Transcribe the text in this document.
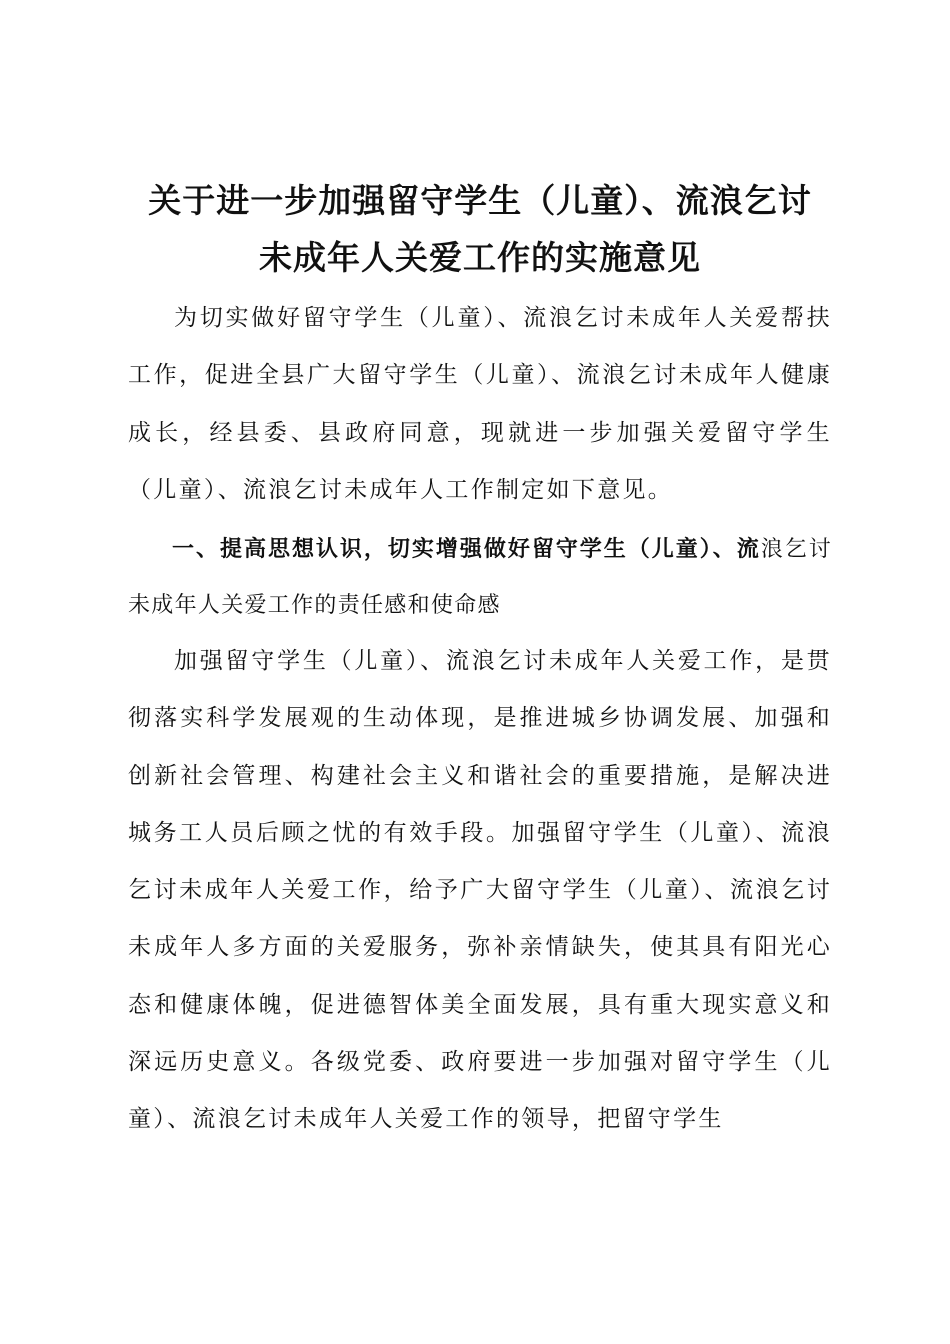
关于进一步加强留守学生（儿童）、流浪乞讨
未成年人关爱工作的实施意见

为切实做好留守学生（儿童）、流浪乞讨未成年人关爱帮扶工作，促进全县广大留守学生（儿童）、流浪乞讨未成年人健康成长，经县委、县政府同意，现就进一步加强关爱留守学生（儿童）、流浪乞讨未成年人工作制定如下意见。

一、提高思想认识，切实增强做好留守学生（儿童）、流浪乞讨未成年人关爱工作的责任感和使命感

加强留守学生（儿童）、流浪乞讨未成年人关爱工作，是贯彻落实科学发展观的生动体现，是推进城乡协调发展、加强和创新社会管理、构建社会主义和谐社会的重要措施，是解决进城务工人员后顾之忧的有效手段。加强留守学生（儿童）、流浪乞讨未成年人关爱工作，给予广大留守学生（儿童）、流浪乞讨未成年人多方面的关爱服务，弥补亲情缺失，使其具有阳光心态和健康体魄，促进德智体美全面发展，具有重大现实意义和深远历史意义。各级党委、政府要进一步加强对留守学生（儿童）、流浪乞讨未成年人关爱工作的领导，把留守学生
